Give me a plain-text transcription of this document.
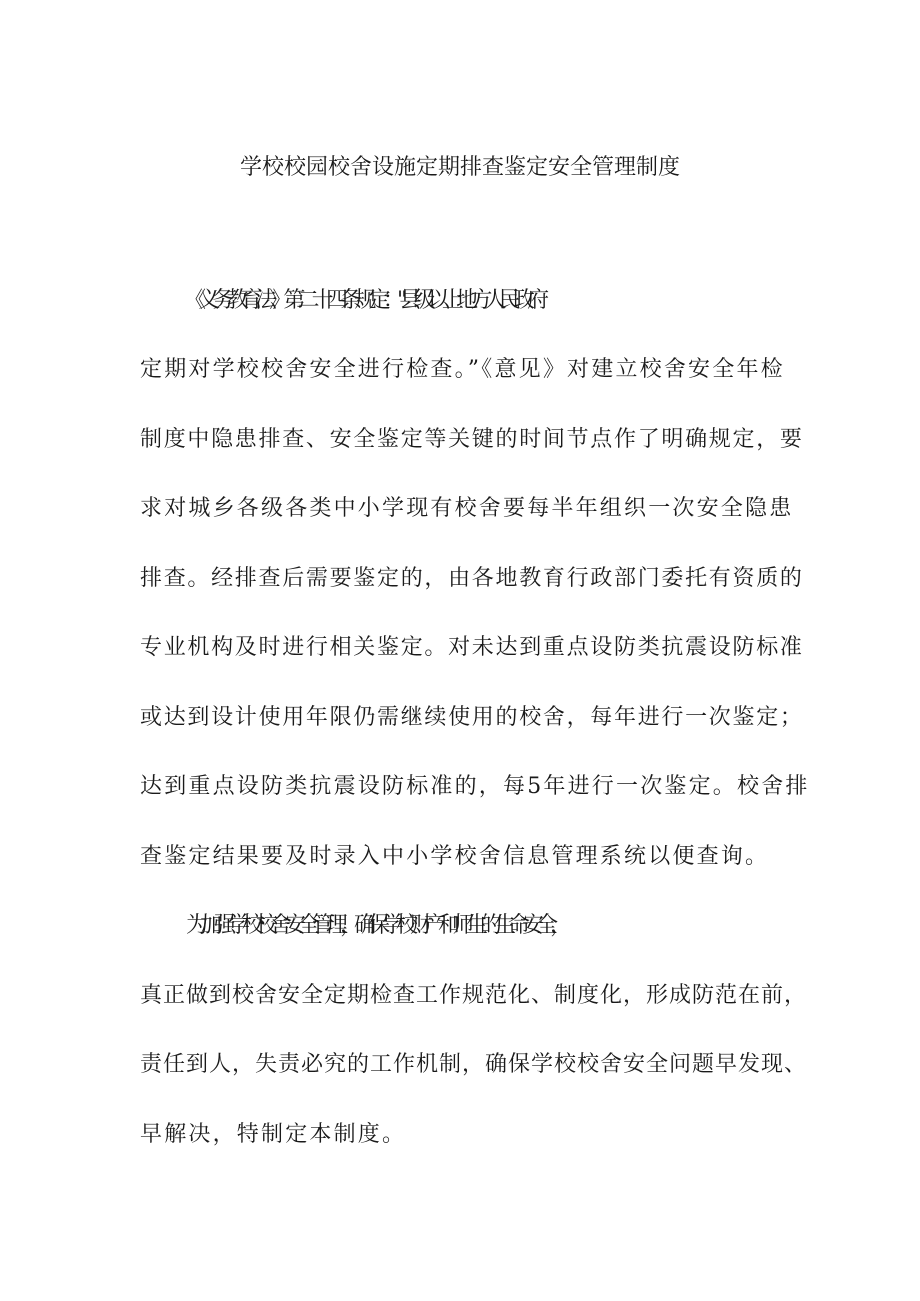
学校校园校舍设施定期排查鉴定安全管理制度
《义务教育法》第二十四条规定："县级以上地方人民政府
定期对学校校舍安全进行检查。”《意见》对建立校舍安全年检
制度中隐患排查、安全鉴定等关键的时间节点作了明确规定，要
求对城乡各级各类中小学现有校舍要每半年组织一次安全隐患
排查。经排查后需要鉴定的，由各地教育行政部门委托有资质的
专业机构及时进行相关鉴定。对未达到重点设防类抗震设防标准
或达到设计使用年限仍需继续使用的校舍，每年进行一次鉴定；
达到重点设防类抗震设防标准的，每5年进行一次鉴定。校舍排
查鉴定结果要及时录入中小学校舍信息管理系统以便查询。
为加强学校校舍安全管理，确保学校财产和师生的生命安全，
真正做到校舍安全定期检查工作规范化、制度化，形成防范在前，
责任到人，失责必究的工作机制，确保学校校舍安全问题早发现、
早解决，特制定本制度。
